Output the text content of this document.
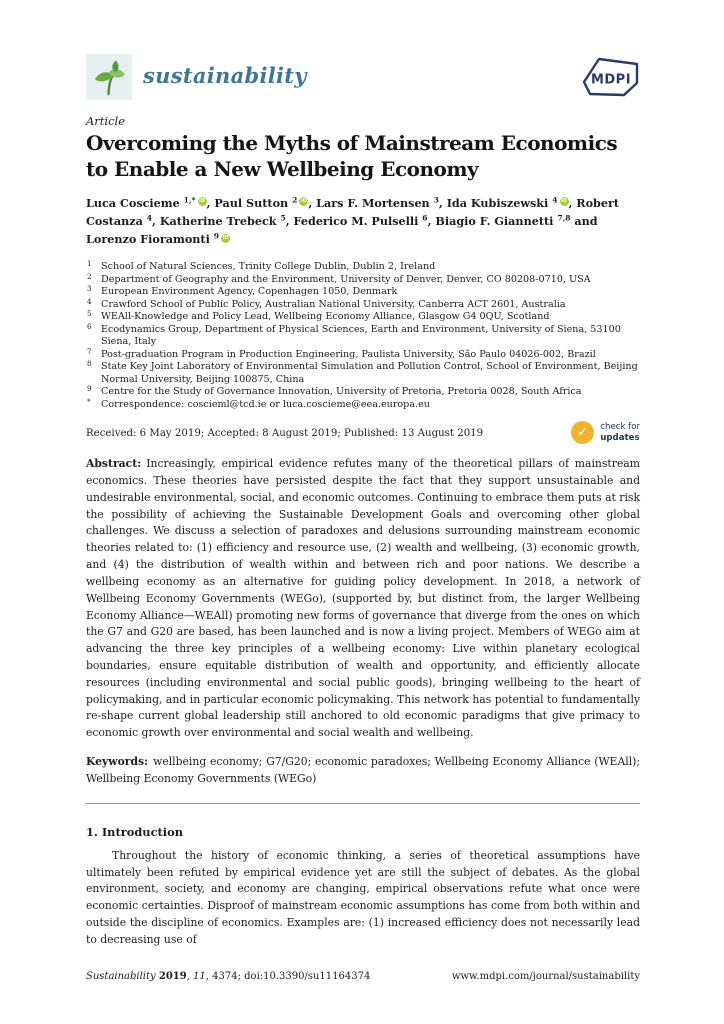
sustainability	MDPI
Article
Overcoming the Myths of Mainstream Economics to Enable a New Wellbeing Economy

Luca Coscieme $^{1,*}$ iD , Paul Sutton $^2$ iD , Lars F. Mortensen $^3$, Ida Kubiszewski $^4$ iD , Robert Costanza $^4$, Katherine Trebeck $^5$, Federico M. Pulselli $^6$, Biagio F. Giannetti $^{7,8}$ and Lorenzo Fioramonti $^9$ iD

1 School of Natural Sciences, Trinity College Dublin, Dublin 2, Ireland
2 Department of Geography and the Environment, University of Denver, Denver, CO 80208-0710, USA
3 European Environment Agency, Copenhagen 1050, Denmark
4 Crawford School of Public Policy, Australian National University, Canberra ACT 2601, Australia
5 WEAll-Knowledge and Policy Lead, Wellbeing Economy Alliance, Glasgow G4 0QU, Scotland
6 Ecodynamics Group, Department of Physical Sciences, Earth and Environment, University of Siena, 53100 Siena, Italy
7 Post-graduation Program in Production Engineering, Paulista University, São Paulo 04026-002, Brazil
8 State Key Joint Laboratory of Environmental Simulation and Pollution Control, School of Environment, Beijing Normal University, Beijing 100875, China
9 Centre for the Study of Governance Innovation, University of Pretoria, Pretoria 0028, South Africa
* Correspondence: coscieml@tcd.ie or luca.coscieme@eea.europa.eu
Received: 6 May 2019; Accepted: 8 August 2019; Published: 13 August 2019	✓	check for
updates

Abstract: Increasingly, empirical evidence refutes many of the theoretical pillars of mainstream economics. These theories have persisted despite the fact that they support unsustainable and undesirable environmental, social, and economic outcomes. Continuing to embrace them puts at risk the possibility of achieving the Sustainable Development Goals and overcoming other global challenges. We discuss a selection of paradoxes and delusions surrounding mainstream economic theories related to: (1) efficiency and resource use, (2) wealth and wellbeing, (3) economic growth, and (4) the distribution of wealth within and between rich and poor nations. We describe a wellbeing economy as an alternative for guiding policy development. In 2018, a network of Wellbeing Economy Governments (WEGo), (supported by, but distinct from, the larger Wellbeing Economy Alliance—WEAll) promoting new forms of governance that diverge from the ones on which the G7 and G20 are based, has been launched and is now a living project. Members of WEGo aim at advancing the three key principles of a wellbeing economy: Live within planetary ecological boundaries, ensure equitable distribution of wealth and opportunity, and efficiently allocate resources (including environmental and social public goods), bringing wellbeing to the heart of policymaking, and in particular economic policymaking. This network has potential to fundamentally re-shape current global leadership still anchored to old economic paradigms that give primacy to economic growth over environmental and social wealth and wellbeing.

Keywords: wellbeing economy; G7/G20; economic paradoxes; Wellbeing Economy Alliance (WEAll); Wellbeing Economy Governments (WEGo)

1. Introduction

Throughout the history of economic thinking, a series of theoretical assumptions have ultimately been refuted by empirical evidence yet are still the subject of debates. As the global environment, society, and economy are changing, empirical observations refute what once were economic certainties. Disproof of mainstream economic assumptions has come from both within and outside the discipline of economics. Examples are: (1) increased efficiency does not necessarily lead to decreasing use of

Sustainability 2019, 11, 4374; doi:10.3390/su11164374	www.mdpi.com/journal/sustainability
